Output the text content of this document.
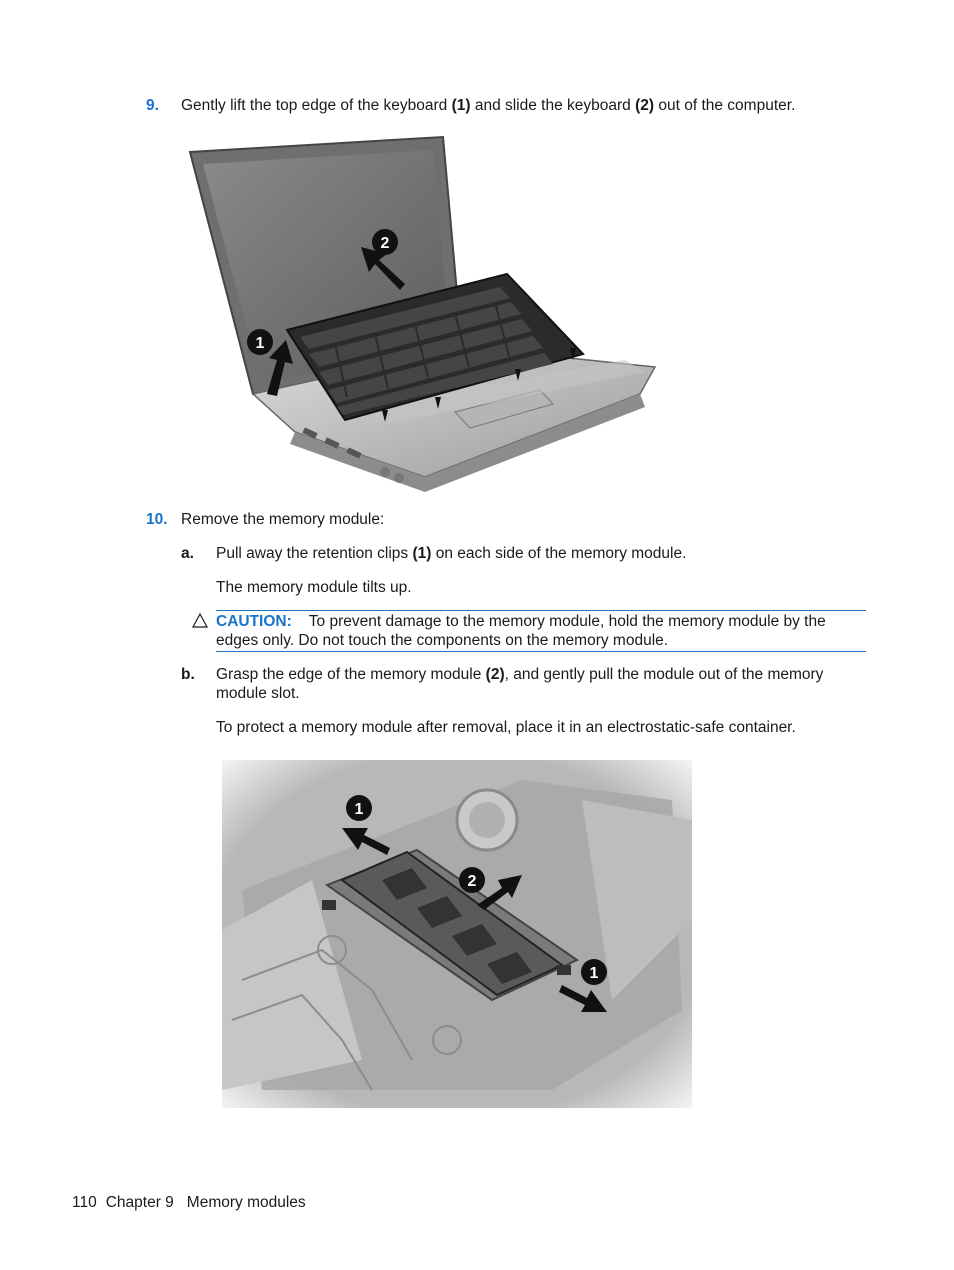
9. Gently lift the top edge of the keyboard (1) and slide the keyboard (2) out of the computer.
1
2
10. Remove the memory module:
a. Pull away the retention clips (1) on each side of the memory module.
The memory module tilts up.
CAUTION: To prevent damage to the memory module, hold the memory module by the
edges only. Do not touch the components on the memory module.
b. Grasp the edge of the memory module (2), and gently pull the module out of the memory
module slot.
To protect a memory module after removal, place it in an electrostatic-safe container.
1
1
2
110 Chapter 9 Memory modules
